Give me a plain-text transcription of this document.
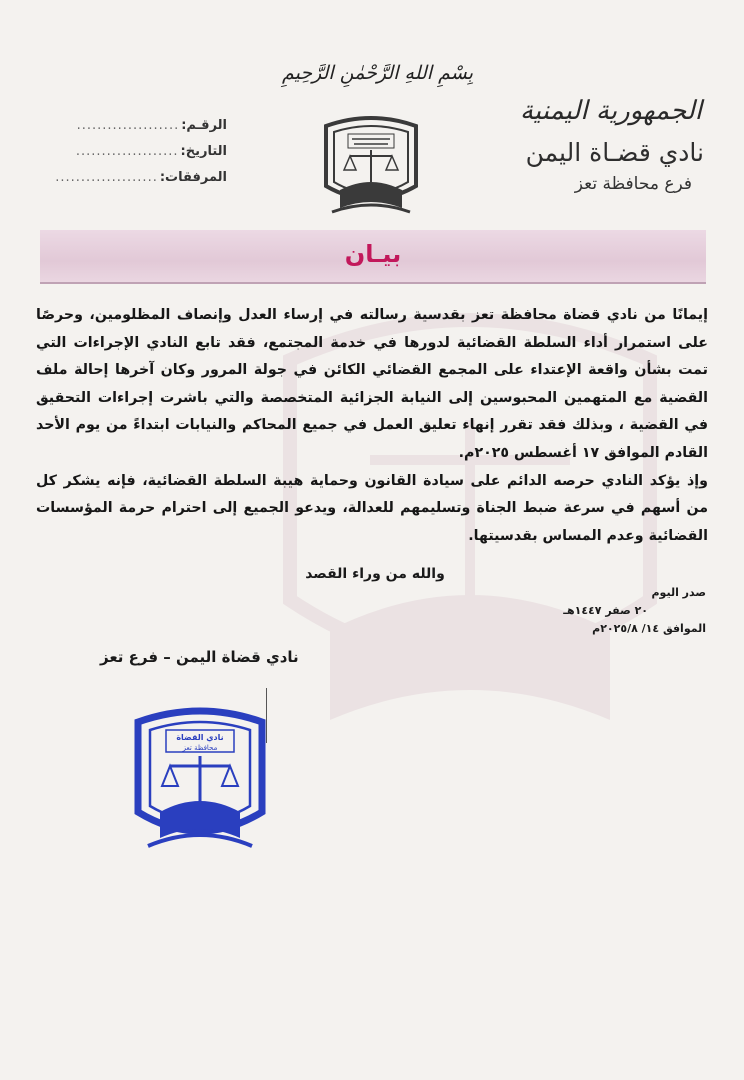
بِسْمِ اللهِ الرَّحْمٰنِ الرَّحِيمِ
الجمهورية اليمنية
نادي قضـاة اليمن
فرع محافظة تعز
الرقـم:
....................
التاريخ:
....................
المرفقات:
....................
بيـان

إيمانًا من نادي قضاة محافظة تعز بقدسية رسالته في إرساء العدل وإنصاف المظلومين، وحرصًا على استمرار أداء السلطة القضائية لدورها في خدمة المجتمع، فقد تابع النادي الإجراءات التي تمت بشأن واقعة الإعتداء على المجمع القضائي الكائن في جولة المرور وكان آخرها إحالة ملف القضية مع المتهمين المحبوسين إلى النيابة الجزائية المتخصصة والتي باشرت إجراءات التحقيق في القضية ، وبذلك فقد تقرر إنهاء تعليق العمل في جميع المحاكم والنيابات ابتداءً من يوم الأحد القادم الموافق ١٧ أغسطس ٢٠٢٥م.

وإذ يؤكد النادي حرصه الدائم على سيادة القانون وحماية هيبة السلطة القضائية، فإنه يشكر كل من أسهم في سرعة ضبط الجناة وتسليمهم للعدالة، ويدعو الجميع إلى احترام حرمة المؤسسات القضائية وعدم المساس بقدسيتها.

والله من وراء القصد
صدر اليوم
٢٠ صفر ١٤٤٧هـ
الموافق ١٤/ ٢٠٢٥/٨م
نادي قضاة اليمن – فرع تعز
نادي القضاة
محافظة تعز
